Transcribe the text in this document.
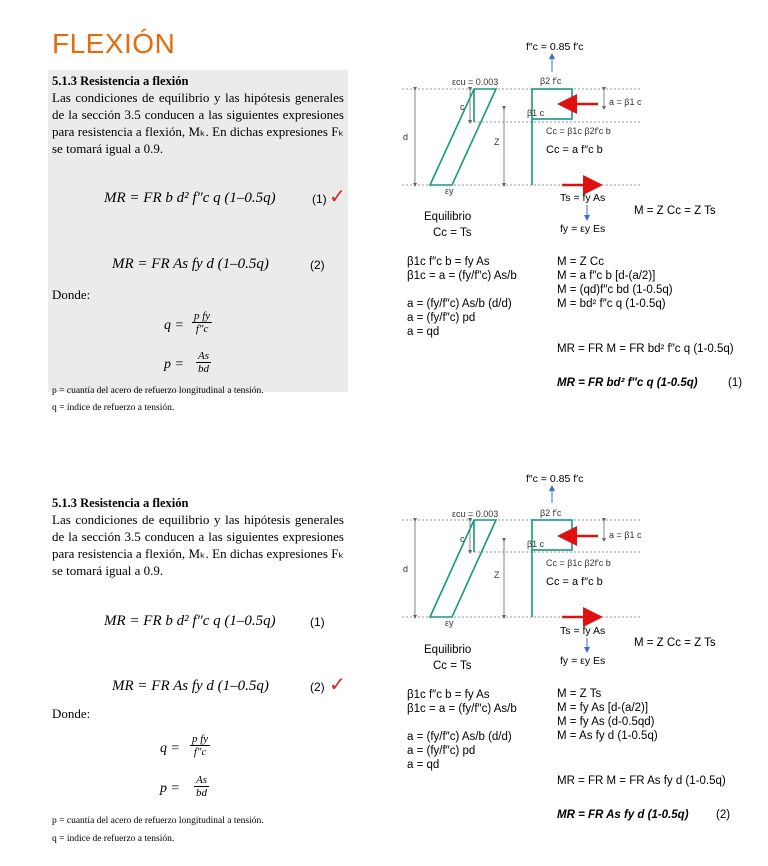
FLEXIÓN

5.1.3 Resistencia a flexión

Las condiciones de equilibrio y las hipótesis generales de la sección 3.5 conducen a las siguientes expresiones para resistencia a flexión, Mₖ. En dichas expresiones Fₖ se tomará igual a 0.9.

MR = FR b d² f″c q (1–0.5q)	(1) ✓
MR = FR As fy d (1–0.5q)	(2)
Donde:
$q = \frac{\text{p fy}}{f''c}$
$p = \frac{As}{bd}$
p = cuantía del acero de refuerzo longitudinal a tensión.
q = índice de refuerzo a tensión.

5.1.3 Resistencia a flexión

Las condiciones de equilibrio y las hipótesis generales de la sección 3.5 conducen a las siguientes expresiones para resistencia a flexión, Mₖ. En dichas expresiones Fₖ se tomará igual a 0.9.

MR = FR b d² f″c q (1–0.5q)	(1)
MR = FR As fy d (1–0.5q)	(2) ✓
Donde:
$q = \frac{\text{p fy}}{f''c}$
$p = \frac{As}{bd}$
p = cuantía del acero de refuerzo longitudinal a tensión.
q = índice de refuerzo a tensión.
f″c = 0.85 f′c
εcu = 0.003	β2 f′c
a = β1 c
β1 c
Cc = β1c β2f′c b
Cc = a f″c b
c
d	Z
εy
Ts = fy As
fy = εy Es
M = Z Cc = Z Ts
Equilibrio
Cc = Ts
β1c f″c b = fy As
β1c = a = (fy/f″c) As/b
a = (fy/f″c) As/b (d/d)
a = (fy/f″c) pd
a = qd
M = Z Cc
M = a f″c b [d-(a/2)]
M = (qd)f″c bd (1-0.5q)
M = bd² f″c q (1-0.5q)
MR = FR M = FR bd² f″c q (1-0.5q)
MR = FR bd² f″c q (1-0.5q)	(1)
f″c = 0.85 f′c
εcu = 0.003	β2 f′c
a = β1 c
β1 c
Cc = β1c β2f′c b
Cc = a f″c b
c
d
Z
εy
Ts = fy As
fy = εy Es
M = Z Cc = Z Ts
Equilibrio
Cc = Ts
β1c f″c b = fy As
β1c = a = (fy/f″c) As/b
a = (fy/f″c) As/b (d/d)
a = (fy/f″c) pd
a = qd
M = Z Ts
M = fy As [d-(a/2)]
M = fy As (d-0.5qd)
M = As fy d (1-0.5q)
MR = FR M = FR As fy d (1-0.5q)
MR = FR As fy d (1-0.5q) (2)
